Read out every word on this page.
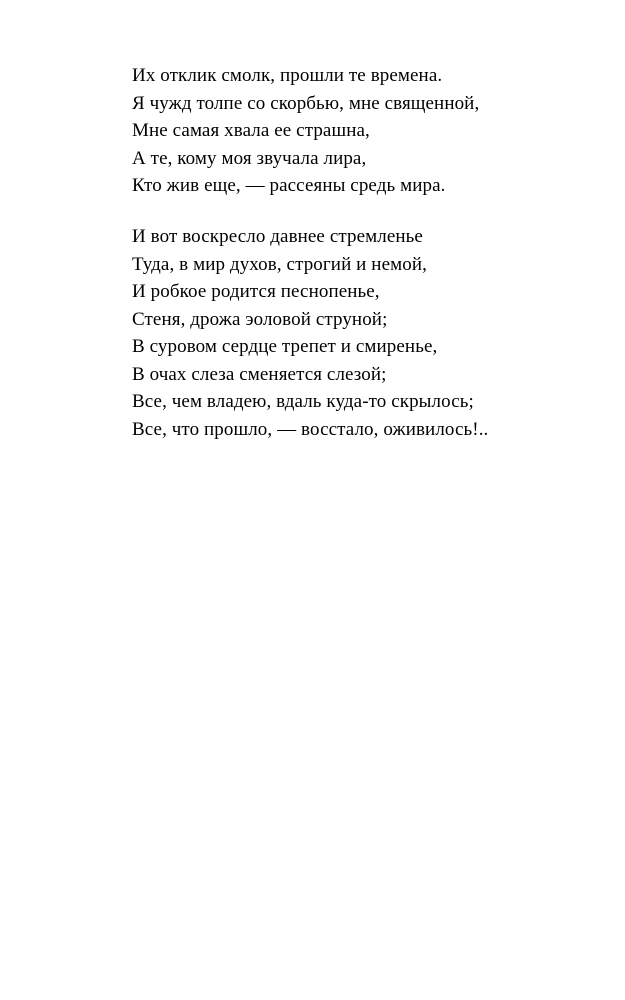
Их отклик смолк, прошли те времена.
Я чужд толпе со скорбью, мне священной,
Мне самая хвала ее страшна,
А те, кому моя звучала лира,
Кто жив еще, — рассеяны средь мира.
И вот воскресло давнее стремленье
Туда, в мир духов, строгий и немой,
И робкое родится песнопенье,
Стеня, дрожа эоловой струной;
В суровом сердце трепет и смиренье,
В очах слеза сменяется слезой;
Все, чем владею, вдаль куда-то скрылось;
Все, что прошло, — восстало, оживилось!..
